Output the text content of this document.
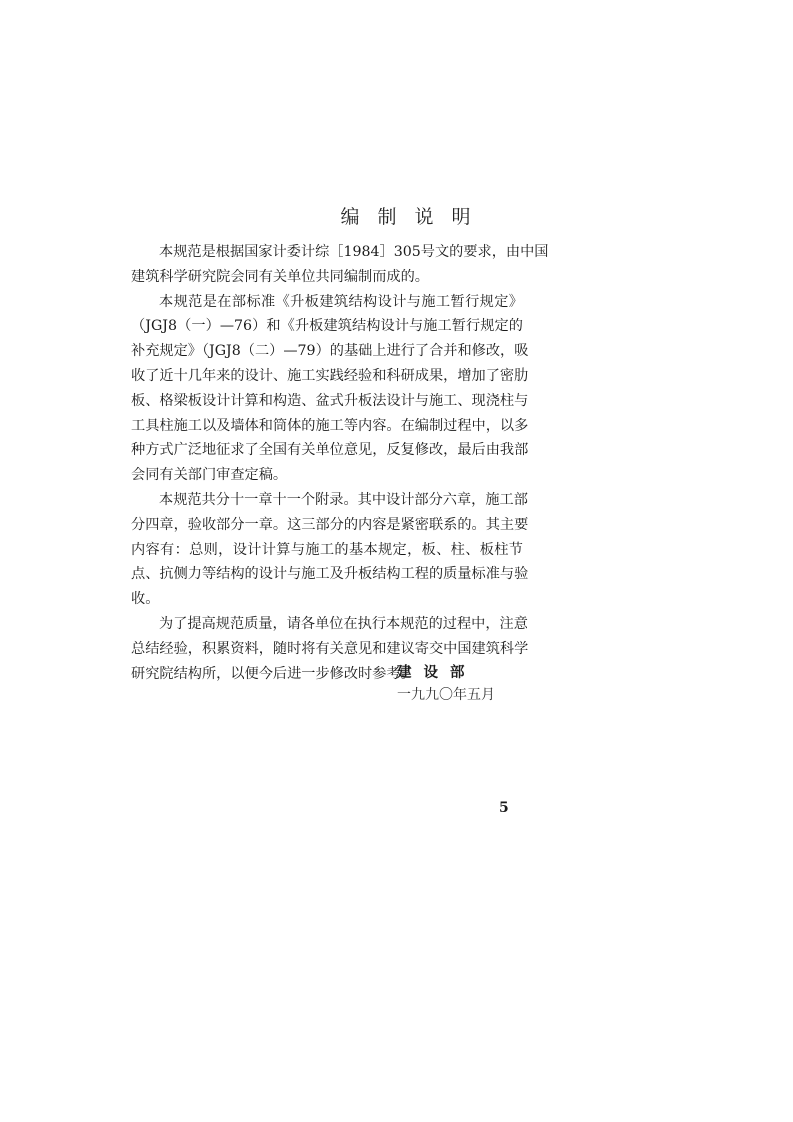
编制说明
本规范是根据国家计委计综［1984］305号文的要求，由中国
建筑科学研究院会同有关单位共同编制而成的。
本规范是在部标准《升板建筑结构设计与施工暂行规定》
（JGJ8（一）—76）和《升板建筑结构设计与施工暂行规定的
补充规定》（JGJ8（二）—79）的基础上进行了合并和修改，吸
收了近十几年来的设计、施工实践经验和科研成果，增加了密肋
板、格梁板设计计算和构造、盆式升板法设计与施工、现浇柱与
工具柱施工以及墙体和筒体的施工等内容。在编制过程中，以多
种方式广泛地征求了全国有关单位意见，反复修改，最后由我部
会同有关部门审查定稿。
本规范共分十一章十一个附录。其中设计部分六章，施工部
分四章，验收部分一章。这三部分的内容是紧密联系的。其主要
内容有：总则，设计计算与施工的基本规定，板、柱、板柱节
点、抗侧力等结构的设计与施工及升板结构工程的质量标准与验
收。
为了提高规范质量，请各单位在执行本规范的过程中，注意
总结经验，积累资料，随时将有关意见和建议寄交中国建筑科学
研究院结构所，以便今后进一步修改时参考。
建设部
一九九〇年五月
5
